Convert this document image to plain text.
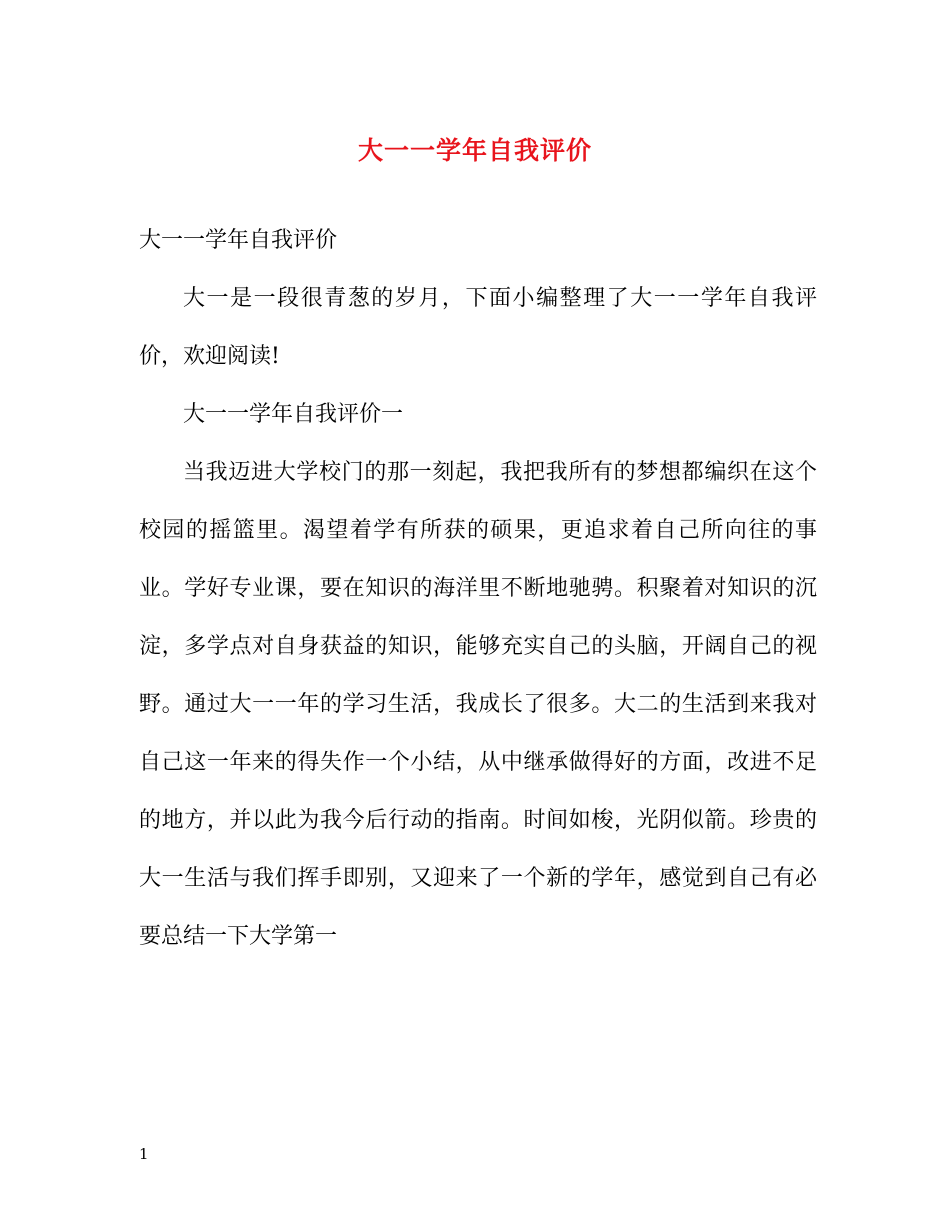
大一一学年自我评价

大一一学年自我评价

大一是一段很青葱的岁月，下面小编整理了大一一学年自我评价，欢迎阅读!

大一一学年自我评价一

当我迈进大学校门的那一刻起，我把我所有的梦想都编织在这个校园的摇篮里。渴望着学有所获的硕果，更追求着自己所向往的事业。学好专业课，要在知识的海洋里不断地驰骋。积聚着对知识的沉淀，多学点对自身获益的知识，能够充实自己的头脑，开阔自己的视野。通过大一一年的学习生活，我成长了很多。大二的生活到来我对自己这一年来的得失作一个小结，从中继承做得好的方面，改进不足的地方，并以此为我今后行动的指南。时间如梭，光阴似箭。珍贵的大一生活与我们挥手即别，又迎来了一个新的学年，感觉到自己有必要总结一下大学第一

1
